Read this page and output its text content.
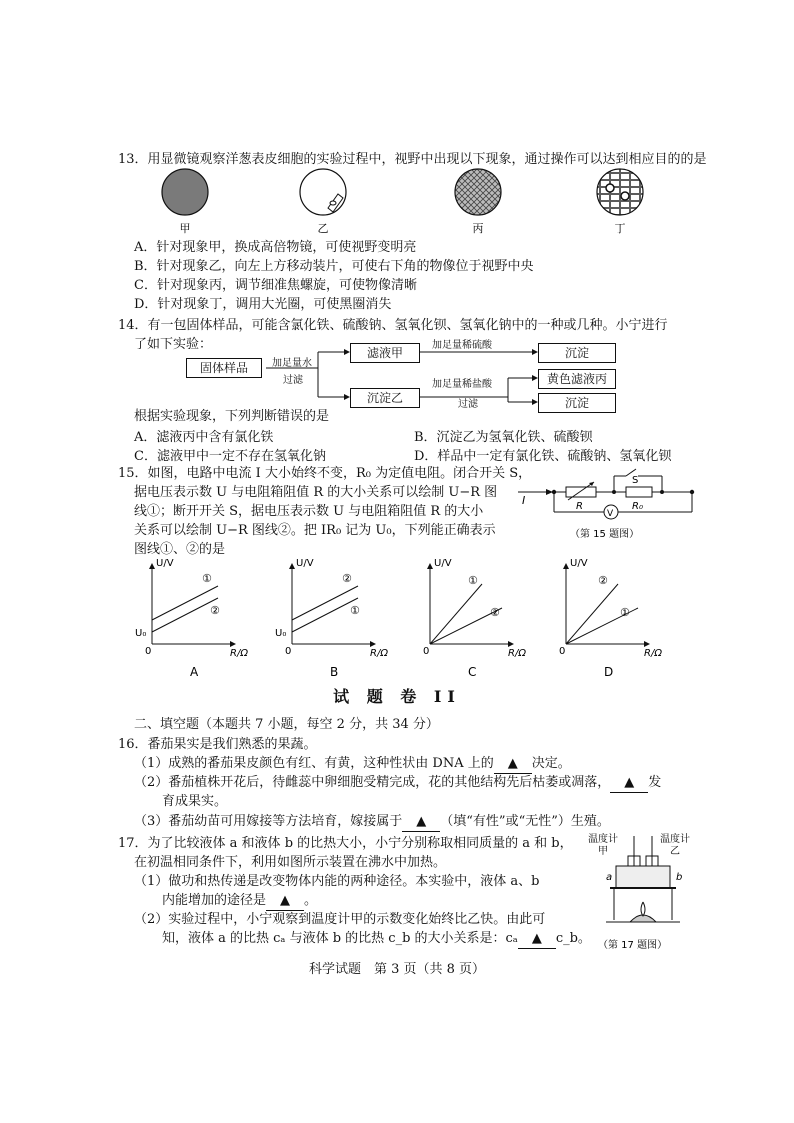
13．用显微镜观察洋葱表皮细胞的实验过程中，视野中出现以下现象，通过操作可以达到相应目的的是
甲	乙	丙	丁
A．针对现象甲，换成高倍物镜，可使视野变明亮
B．针对现象乙，向左上方移动装片，可使右下角的物像位于视野中央
C．针对现象丙，调节细准焦螺旋，可使物像清晰
D．针对现象丁，调用大光圈，可使黑圈消失
14．有一包固体样品，可能含氯化铁、硫酸钠、氢氧化钡、氢氧化钠中的一种或几种。小宁进行
了如下实验：
固体样品	加足量水
过滤
滤液甲
沉淀乙
加足量稀硫酸
加足量稀盐酸
过滤
沉淀
黄色滤液丙
沉淀
根据实验现象，下列判断错误的是
A．滤液丙中含有氯化铁	B．沉淀乙为氢氧化铁、硫酸钡
C．滤液甲中一定不存在氢氧化钠	D．样品中一定有氯化铁、硫酸钠、氢氧化钡
15．如图，电路中电流 I 大小始终不变，R₀ 为定值电阻。闭合开关 S，
据电压表示数 U 与电阻箱阻值 R 的大小关系可以绘制 U−R 图
线①；断开开关 S，据电压表示数 U 与电阻箱阻值 R 的大小
关系可以绘制 U−R 图线②。把 IR₀ 记为 U₀，下列能正确表示
图线①、②的是
I
S
R	R₀
V
（第 15 题图）
U/V
R/Ω
0
U₀
①
②
A
U/V
R/Ω
0
U₀
②
①
B
U/V
R/Ω
0
①
②
C
U/V
R/Ω
0
②
①
D
试 题 卷 II
二、填空题（本题共 7 小题，每空 2 分，共 34 分）
16．番茄果实是我们熟悉的果蔬。
（1）成熟的番茄果皮颜色有红、有黄，这种性状由 DNA 上的 ▲ 决定。
（2）番茄植株开花后，待雌蕊中卵细胞受精完成，花的其他结构先后枯萎或凋落， ▲ 发
育成果实。
（3）番茄幼苗可用嫁接等方法培育，嫁接属于 ▲ （填“有性”或“无性”）生殖。
17．为了比较液体 a 和液体 b 的比热大小，小宁分别称取相同质量的 a 和 b，
在初温相同条件下，利用如图所示装置在沸水中加热。
（1）做功和热传递是改变物体内能的两种途径。本实验中，液体 a、b
内能增加的途径是 ▲ 。
（2）实验过程中，小宁观察到温度计甲的示数变化始终比乙快。由此可
知，液体 a 的比热 cₐ 与液体 b 的比热 c_b 的大小关系是：cₐ ▲ c_b。
温度计
甲
温度计
乙
a	b
（第 17 题图）
科学试题　第 3 页（共 8 页）
